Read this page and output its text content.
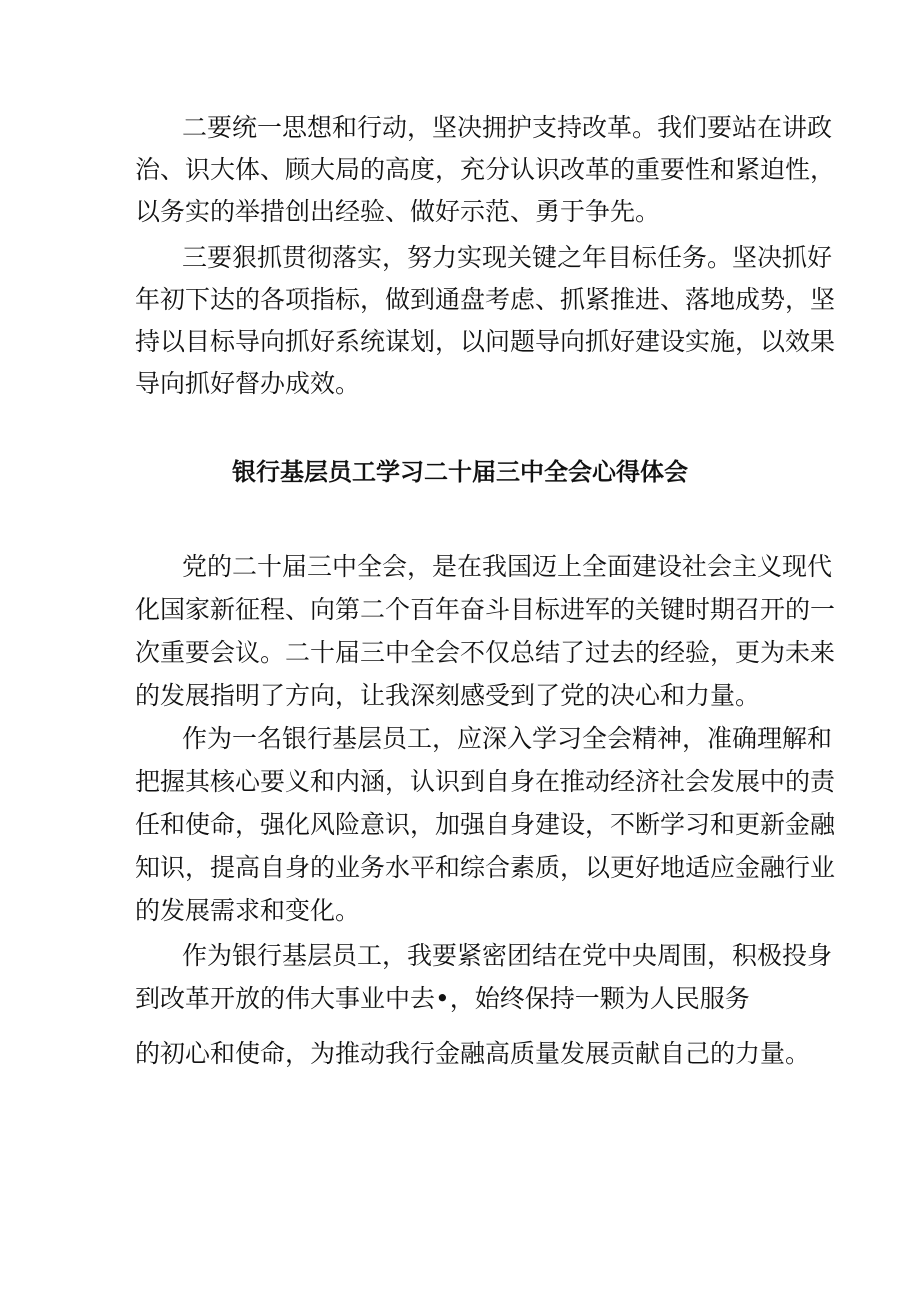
二要统一思想和行动，坚决拥护支持改革。我们要站在讲政
治、识大体、顾大局的高度，充分认识改革的重要性和紧迫性，
以务实的举措创出经验、做好示范、勇于争先。
三要狠抓贯彻落实，努力实现关键之年目标任务。坚决抓好
年初下达的各项指标，做到通盘考虑、抓紧推进、落地成势，坚
持以目标导向抓好系统谋划，以问题导向抓好建设实施，以效果
导向抓好督办成效。
银行基层员工学习二十届三中全会心得体会
党的二十届三中全会，是在我国迈上全面建设社会主义现代
化国家新征程、向第二个百年奋斗目标进军的关键时期召开的一
次重要会议。二十届三中全会不仅总结了过去的经验，更为未来
的发展指明了方向，让我深刻感受到了党的决心和力量。
作为一名银行基层员工，应深入学习全会精神，准确理解和
把握其核心要义和内涵，认识到自身在推动经济社会发展中的责
任和使命，强化风险意识，加强自身建设，不断学习和更新金融
知识，提高自身的业务水平和综合素质，以更好地适应金融行业
的发展需求和变化。
作为银行基层员工，我要紧密团结在党中央周围，积极投身
到改革开放的伟大事业中去•，始终保持一颗为人民服务
的初心和使命，为推动我行金融高质量发展贡献自己的力量。
